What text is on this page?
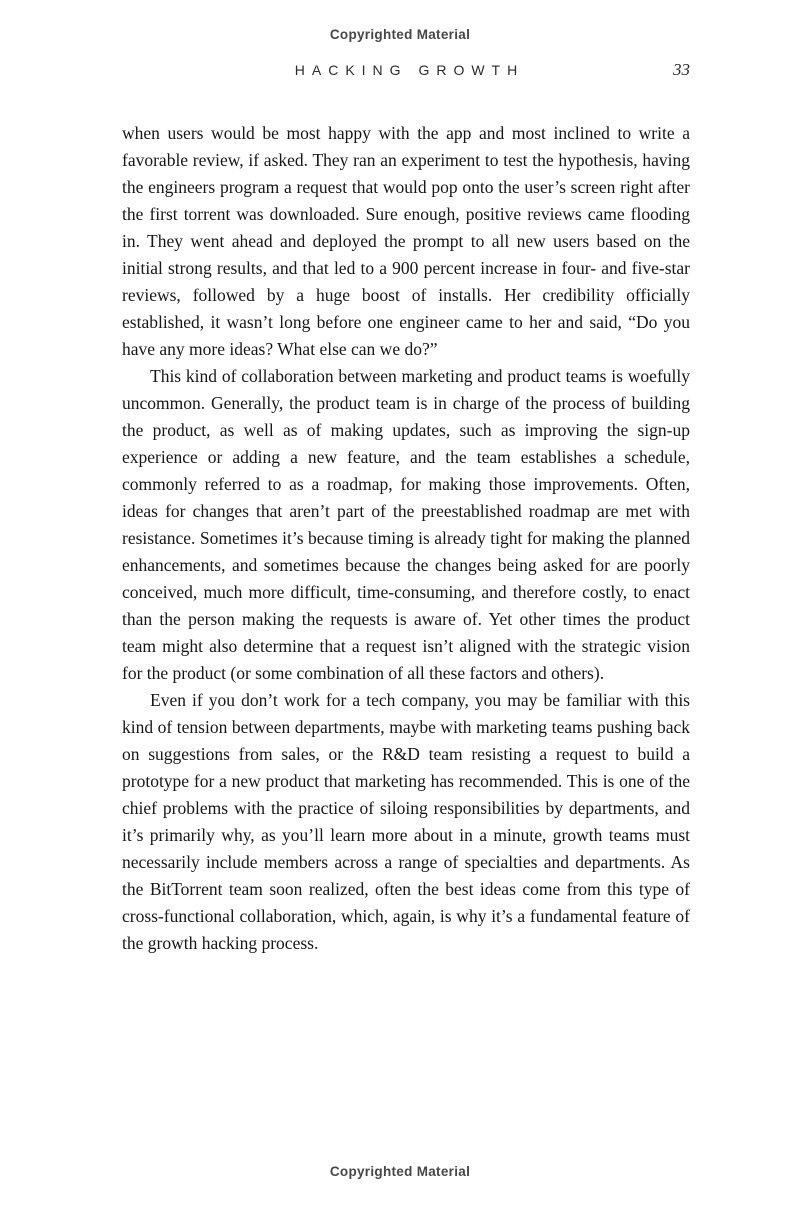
Copyrighted Material
HACKING GROWTH	33

when users would be most happy with the app and most inclined to write a favorable review, if asked. They ran an experiment to test the hypothesis, having the engineers program a request that would pop onto the user’s screen right after the first torrent was downloaded. Sure enough, positive reviews came flooding in. They went ahead and deployed the prompt to all new users based on the initial strong results, and that led to a 900 percent increase in four- and five-star reviews, followed by a huge boost of installs. Her credibility officially established, it wasn’t long before one engineer came to her and said, “Do you have any more ideas? What else can we do?”

This kind of collaboration between marketing and product teams is woefully uncommon. Generally, the product team is in charge of the process of building the product, as well as of making updates, such as improving the sign-up experience or adding a new feature, and the team establishes a schedule, commonly referred to as a roadmap, for making those improvements. Often, ideas for changes that aren’t part of the preestablished roadmap are met with resistance. Sometimes it’s because timing is already tight for making the planned enhancements, and sometimes because the changes being asked for are poorly conceived, much more difficult, time-consuming, and therefore costly, to enact than the person making the requests is aware of. Yet other times the product team might also determine that a request isn’t aligned with the strategic vision for the product (or some combination of all these factors and others).

Even if you don’t work for a tech company, you may be familiar with this kind of tension between departments, maybe with marketing teams pushing back on suggestions from sales, or the R&D team resisting a request to build a prototype for a new product that marketing has recommended. This is one of the chief problems with the practice of siloing responsibilities by departments, and it’s primarily why, as you’ll learn more about in a minute, growth teams must necessarily include members across a range of specialties and departments. As the BitTorrent team soon realized, often the best ideas come from this type of cross-functional collaboration, which, again, is why it’s a fundamental feature of the growth hacking process.

Copyrighted Material
